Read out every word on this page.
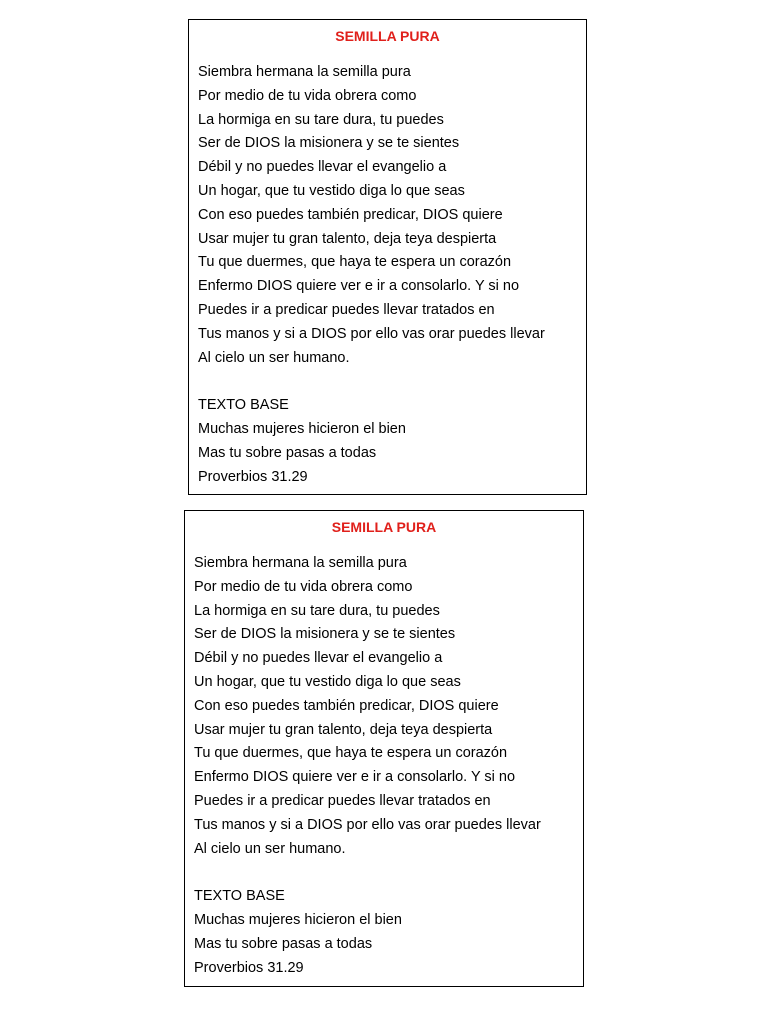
SEMILLA PURA
Siembra hermana la semilla pura
Por medio de tu vida obrera como
La hormiga en su tare dura, tu puedes
Ser de DIOS la misionera y se te sientes
Débil y no puedes llevar el evangelio a
Un hogar, que tu vestido diga lo que seas
Con eso puedes también predicar, DIOS quiere
Usar mujer tu gran talento, deja teya despierta
Tu que duermes, que haya te espera un corazón
Enfermo DIOS quiere ver e ir a consolarlo. Y si no
Puedes ir a predicar puedes llevar tratados en
Tus manos y si a DIOS por ello vas orar puedes llevar
Al cielo un ser humano.
TEXTO BASE
Muchas mujeres hicieron el bien
Mas tu sobre pasas a todas
Proverbios 31.29
SEMILLA PURA
Siembra hermana la semilla pura
Por medio de tu vida obrera como
La hormiga en su tare dura, tu puedes
Ser de DIOS la misionera y se te sientes
Débil y no puedes llevar el evangelio a
Un hogar, que tu vestido diga lo que seas
Con eso puedes también predicar, DIOS quiere
Usar mujer tu gran talento, deja teya despierta
Tu que duermes, que haya te espera un corazón
Enfermo DIOS quiere ver e ir a consolarlo. Y si no
Puedes ir a predicar puedes llevar tratados en
Tus manos y si a DIOS por ello vas orar puedes llevar
Al cielo un ser humano.
TEXTO BASE
Muchas mujeres hicieron el bien
Mas tu sobre pasas a todas
Proverbios 31.29
